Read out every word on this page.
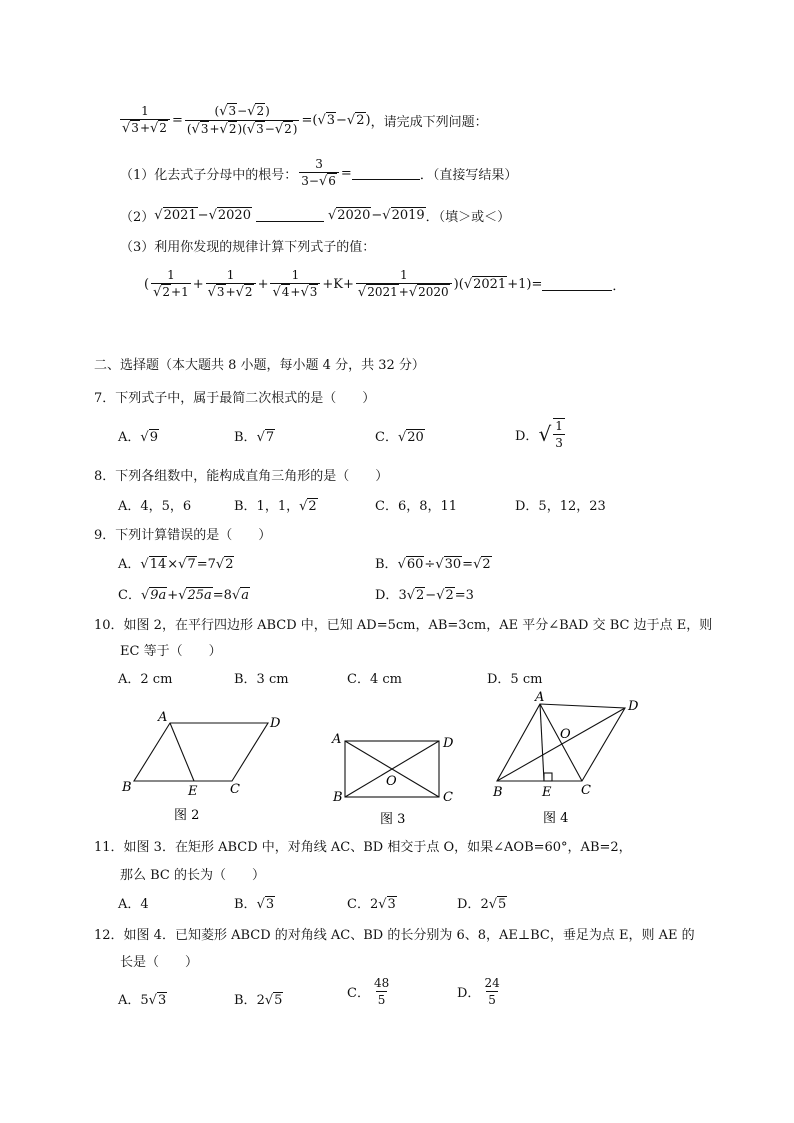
$\frac{1}{√3+√2} = \frac{(√3-√2)}{(√3+√2)(√3-√2)} =(√3-√2)$ ，请完成下列问题：
（1）化去式子分母中的根号： $\frac{3}{3-√6}$ =	．（直接写结果）
（2） √2021 − √2020	√2020 − √2019 ．（填＞或＜）
（3）利用你发现的规律计算下列式子的值：
( $\frac{1}{√2+1} + \frac{1}{√3+√2} + \frac{1}{√4+√3} +K+ \frac{1}{√2021+√2020} )(√2021+1)=$	．
二、选择题（本大题共 8 小题，每小题 4 分，共 32 分）
7．下列式子中，属于最简二次根式的是（　　）
A．√9	B．√7	C．√20	D． √ $\frac{1}{3}$
8．下列各组数中，能构成直角三角形的是（　　）
A．4，5，6	B．1，1，√2	C．6，8，11	D．5，12，23
9．下列计算错误的是（　　）
A．√14×√7=7√2	B．√60÷√30=√2
C．√9a+√25a=8√a	D．3√2−√2=3
10．如图 2，在平行四边形 ABCD 中，已知 AD=5cm，AB=3cm，AE 平分∠BAD 交 BC 边于点 E，则
EC 等于（　　）
A．2 cm	B．3 cm	C．4 cm	D．5 cm
A	D
B	E	C
图 2
A	D
B	C
O
图 3
A
D
O
B	E C
图 4
11．如图 3．在矩形 ABCD 中，对角线 AC、BD 相交于点 O，如果∠AOB=60°，AB=2，
那么 BC 的长为（　　）
A．4	B．√3	C．2√3	D．2√5
12．如图 4．已知菱形 ABCD 的对角线 AC、BD 的长分别为 6、8，AE⊥BC，垂足为点 E，则 AE 的
长是（　　）
A．5√3	B．2√5	C． $\frac{48}{5}$	D． $\frac{24}{5}$
